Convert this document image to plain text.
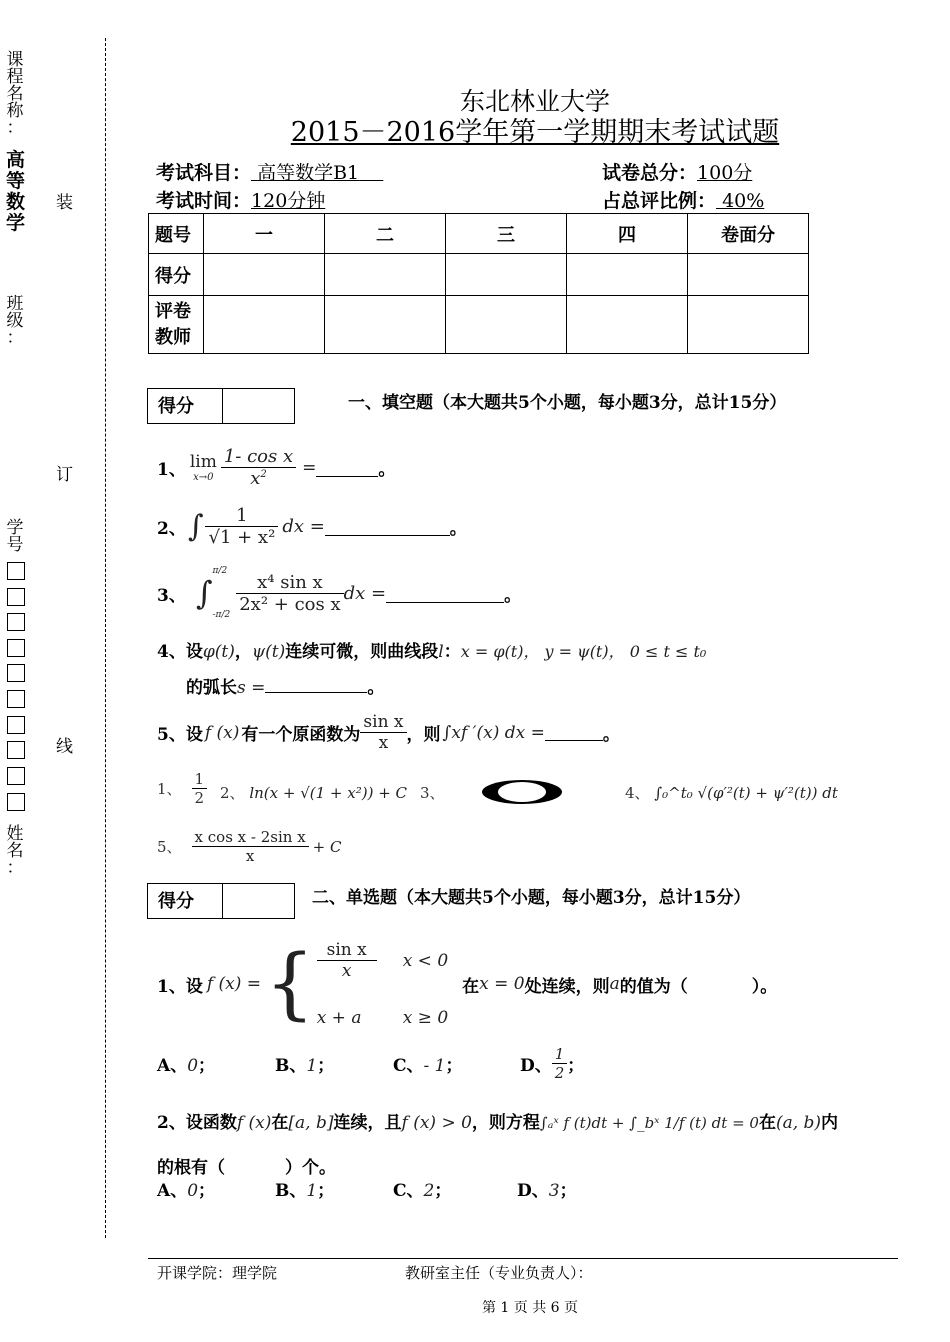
课
程
名
称
：
高
等
数
学
班
级
：
学
号
姓
名
：
装
订
线
东北林业大学
2015－2016学年第一学期期末考试试题
考试科目： 高等数学B1	试卷总分：100分
考试时间：120分钟	占总评比例： 40%
题号	一	二	三	四	卷面分
得分					
评卷
教师					
得分	一、填空题（本大题共5个小题，每小题3分，总计15分）
1、 lim
$x\to 0 \frac{\text{1- cos x}}{x^2}$ =	。
2、 ∫ $\frac{1}{\text{√1 + x²}}$ dx =	。
3、 ∫
π/2
-π/2
$\frac{\text{x⁴ sin x}}{\text{2x² + cos x}}$ dx =	。
4、设φ(t)，ψ(t)连续可微，则曲线段l：x = φ(t)， y = ψ(t)， 0 ≤ t ≤ t₀
的弧长s =	。
5、设 f (x) 有一个原函数为 $\frac{\text{sin x}}{x}$ ，则 ∫xf ′(x) dx =	。
1、 $\frac{1}{2} 2$、 ln(x + √(1 + x²)) + C 3、	4、 ∫₀^t₀ √(φ′²(t) + ψ′²(t)) dt
5、 $\frac{\text{x cos x - 2sin x}}{x} + C$
得分	二、单选题（本大题共5个小题，每小题3分，总计15分）
1、设 f (x) = { $\frac{\text{sin x}}{x}$ x < 0
x + a	x ≥ 0
在 x = 0 处连续，则 a 的值为（	）。
A、0；	B、1；	C、- 1；	D、 $\frac{1}{2}$ ；
2、设函数f (x)在[a, b]连续，且f (x) > 0，则方程∫ₐˣ f (t)dt + ∫_bˣ 1/f (t) dt = 0在(a, b)内
的根有（	）个。
A、0；	B、1；	C、2；	D、3；
开课学院：理学院	教研室主任（专业负责人）：
第 1 页 共 6 页
